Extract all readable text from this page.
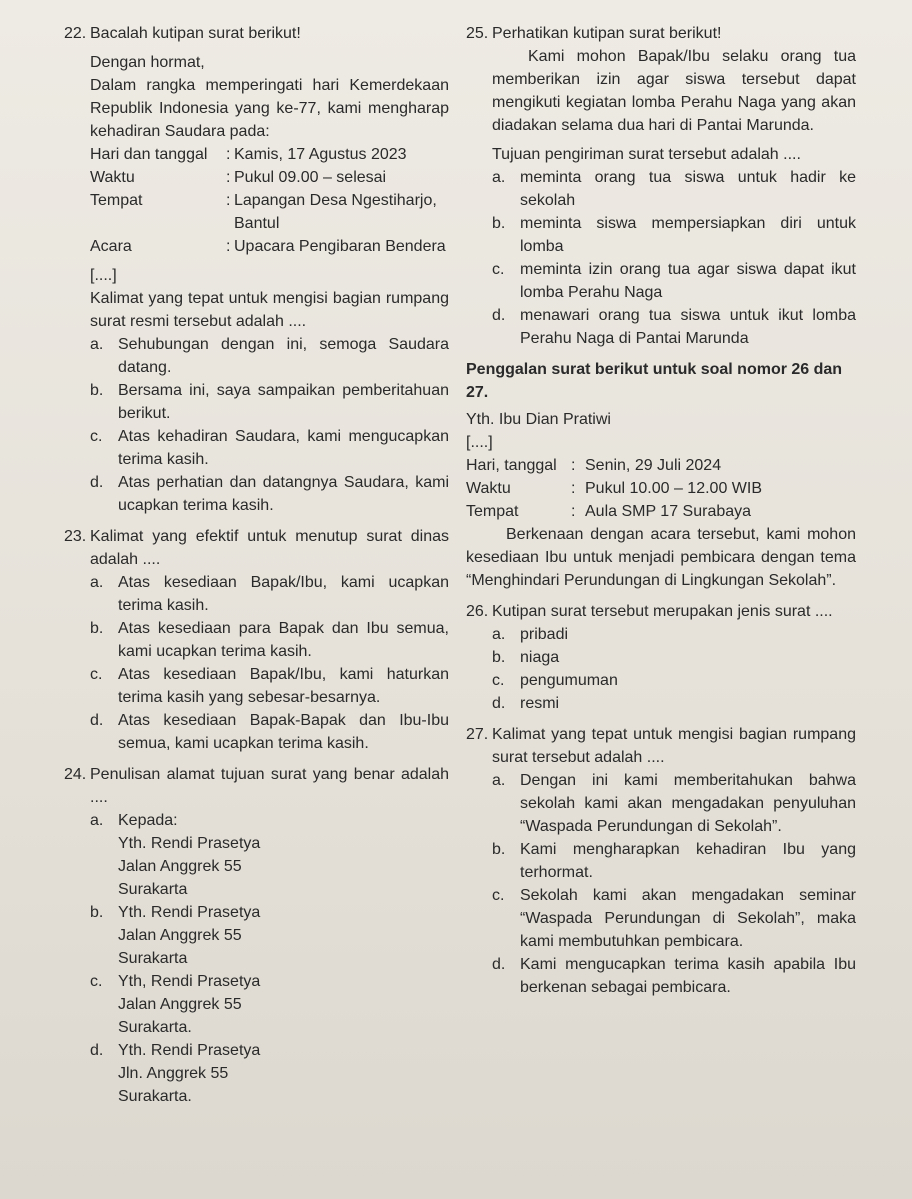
22. Bacalah kutipan surat berikut!
Dengan hormat,
Dalam rangka memperingati hari Kemerdekaan Republik Indonesia yang ke-77, kami mengharap kehadiran Saudara pada:
Hari dan tanggal	: Kamis, 17 Agustus 2023
Waktu	: Pukul 09.00 – selesai
Tempat	: Lapangan Desa Ngestiharjo, Bantul
Acara	: Upacara Pengibaran Bendera
[....]
Kalimat yang tepat untuk mengisi bagian rumpang surat resmi tersebut adalah ....
a. Sehubungan dengan ini, semoga Saudara datang.
b. Bersama ini, saya sampaikan pemberitahuan berikut.
c. Atas kehadiran Saudara, kami mengucapkan terima kasih.
d. Atas perhatian dan datangnya Saudara, kami ucapkan terima kasih.
23. Kalimat yang efektif untuk menutup surat dinas adalah ....
a. Atas kesediaan Bapak/Ibu, kami ucapkan terima kasih.
b. Atas kesediaan para Bapak dan Ibu semua, kami ucapkan terima kasih.
c. Atas kesediaan Bapak/Ibu, kami haturkan terima kasih yang sebesar-besarnya.
d. Atas kesediaan Bapak-Bapak dan Ibu-Ibu semua, kami ucapkan terima kasih.
24. Penulisan alamat tujuan surat yang benar adalah ....
a. Kepada:
Yth. Rendi Prasetya
Jalan Anggrek 55
Surakarta
b. Yth. Rendi Prasetya
Jalan Anggrek 55
Surakarta
c. Yth, Rendi Prasetya
Jalan Anggrek 55
Surakarta.
d. Yth. Rendi Prasetya
Jln. Anggrek 55
Surakarta.
25. Perhatikan kutipan surat berikut!
Kami mohon Bapak/Ibu selaku orang tua memberikan izin agar siswa tersebut dapat mengikuti kegiatan lomba Perahu Naga yang akan diadakan selama dua hari di Pantai Marunda.
Tujuan pengiriman surat tersebut adalah ....
a. meminta orang tua siswa untuk hadir ke sekolah
b. meminta siswa mempersiapkan diri untuk lomba
c. meminta izin orang tua agar siswa dapat ikut lomba Perahu Naga
d. menawari orang tua siswa untuk ikut lomba Perahu Naga di Pantai Marunda
Penggalan surat berikut untuk soal nomor 26 dan 27.
Yth. Ibu Dian Pratiwi
[....]
Hari, tanggal : Senin, 29 Juli 2024
Waktu	: Pukul 10.00 – 12.00 WIB
Tempat	: Aula SMP 17 Surabaya
Berkenaan dengan acara tersebut, kami mohon kesediaan Ibu untuk menjadi pembicara dengan tema “Menghindari Perundungan di Lingkungan Sekolah”.
26. Kutipan surat tersebut merupakan jenis surat ....
a. pribadi
b. niaga
c. pengumuman
d. resmi
27. Kalimat yang tepat untuk mengisi bagian rumpang surat tersebut adalah ....
a. Dengan ini kami memberitahukan bahwa sekolah kami akan mengadakan penyuluhan “Waspada Perundungan di Sekolah”.
b. Kami mengharapkan kehadiran Ibu yang terhormat.
c. Sekolah kami akan mengadakan seminar “Waspada Perundungan di Sekolah”, maka kami membutuhkan pembicara.
d. Kami mengucapkan terima kasih apabila Ibu berkenan sebagai pembicara.
